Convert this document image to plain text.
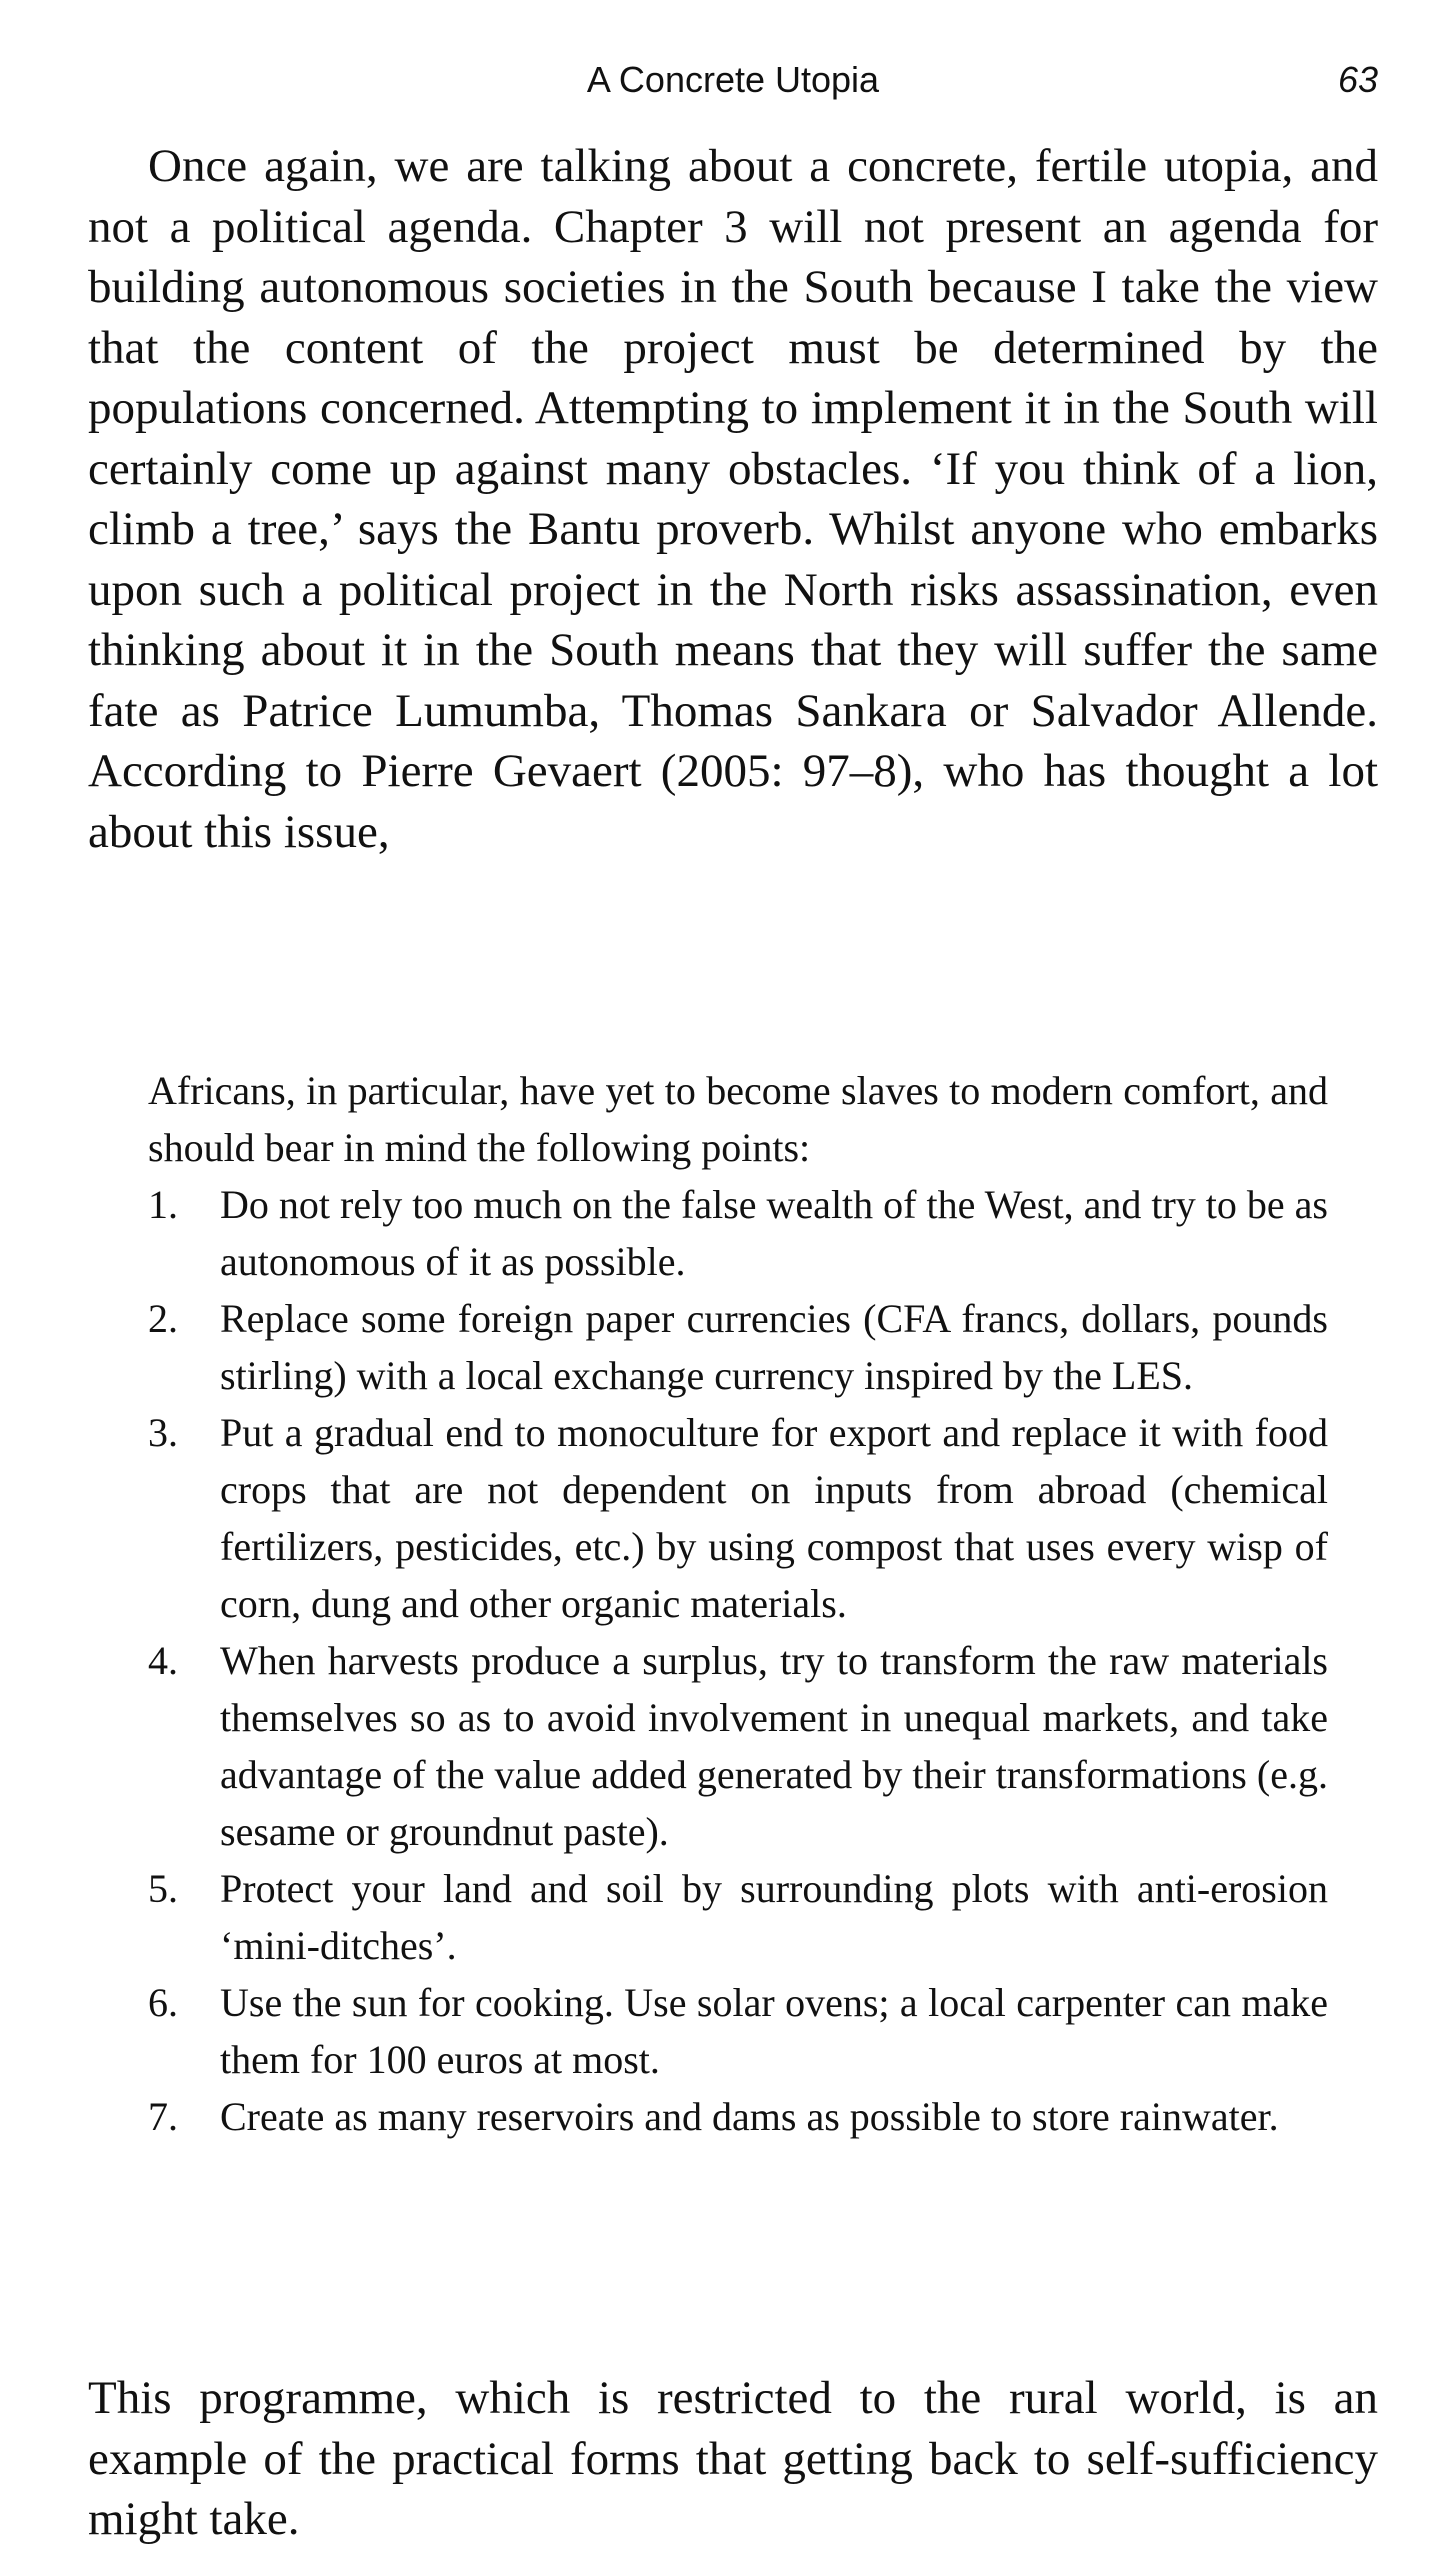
A Concrete Utopia	63

Once again, we are talking about a concrete, fertile utopia, and not a political agenda. Chapter 3 will not present an agenda for building autonomous societies in the South because I take the view that the content of the project must be determined by the populations concerned. Attempting to implement it in the South will certainly come up against many obstacles. ‘If you think of a lion, climb a tree,’ says the Bantu proverb. Whilst anyone who embarks upon such a political project in the North risks assassination, even thinking about it in the South means that they will suffer the same fate as Patrice Lumumba, Thomas Sankara or Salvador Allende. According to Pierre Gevaert (2005: 97–8), who has thought a lot about this issue,

Africans, in particular, have yet to become slaves to modern comfort, and should bear in mind the following points:

1.	Do not rely too much on the false wealth of the West, and try to be as autonomous of it as possible.
2.	Replace some foreign paper currencies (CFA francs, dollars, pounds stirling) with a local exchange currency inspired by the LES.
3.	Put a gradual end to monoculture for export and replace it with food crops that are not dependent on inputs from abroad (chemical fertilizers, pesticides, etc.) by using compost that uses every wisp of corn, dung and other organic materials.
4.	When harvests produce a surplus, try to transform the raw materials themselves so as to avoid involvement in unequal markets, and take advantage of the value added generated by their transformations (e.g. sesame or groundnut paste).
5.	Protect your land and soil by surrounding plots with anti-erosion ‘mini-ditches’.
6.	Use the sun for cooking. Use solar ovens; a local carpenter can make them for 100 euros at most.
7.	Create as many reservoirs and dams as possible to store rainwater.

This programme, which is restricted to the rural world, is an example of the practical forms that getting back to self-sufficiency might take.
